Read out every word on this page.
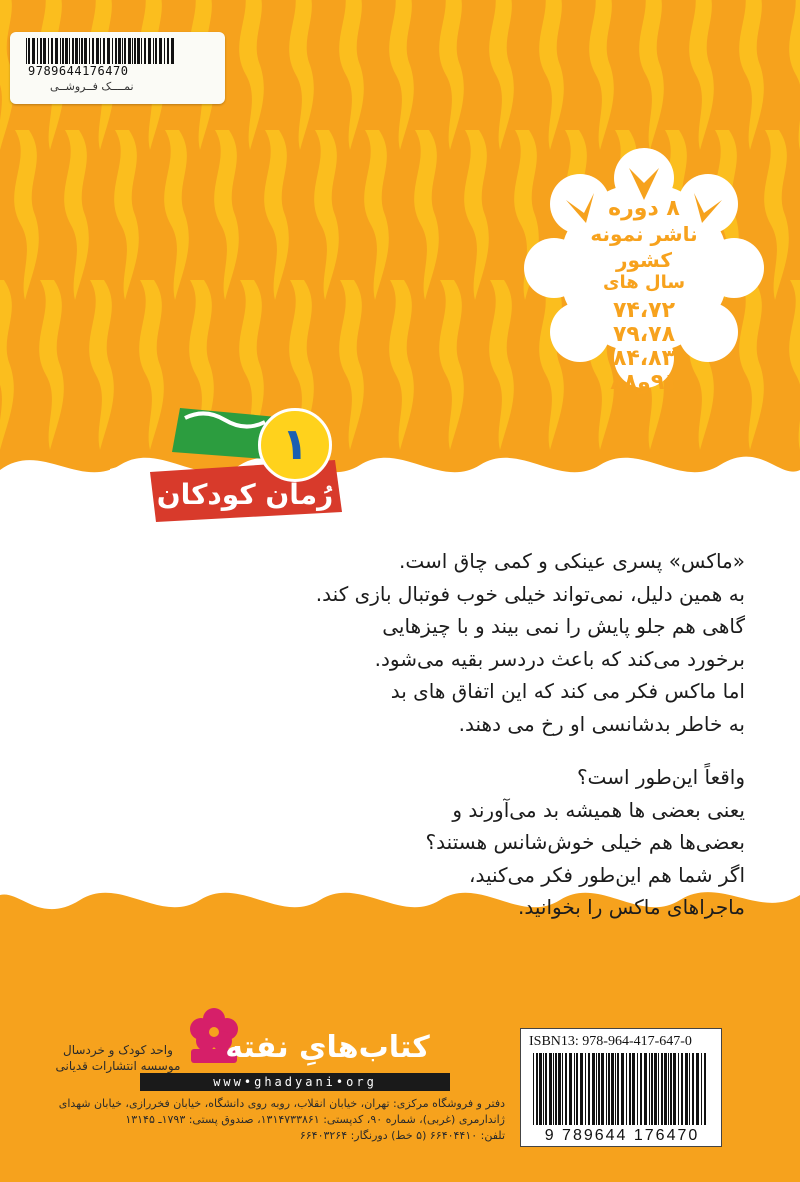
9789644176470
نمــــک فــروشــی
۸ دوره
ناشر نمونه
کشور
سال های
۷۴،۷۲
۷۹،۷۸
۸۴،۸۳
۹۱و۸۸
۱
رُمان کودکان

«ماکس» پسری عینکی و کمی چاق است.

به همین دلیل، نمی‌تواند خیلی خوب فوتبال بازی کند.

گاهی هم جلو پایش را نمی بیند و با چیزهایی

برخورد می‌کند که باعث دردسر بقیه می‌شود.

اما ماکس فکر می کند که این اتفاق های بد

به خاطر بدشانسی او رخ می دهند.

واقعاً این‌طور است؟

یعنی بعضی ها همیشه بد می‌آورند و

بعضی‌ها هم خیلی خوش‌شانس هستند؟

اگر شما هم این‌طور فکر می‌کنید،

ماجراهای ماکس را بخوانید.

کتاب‌هایِ نفته
واحد کودک و خردسال
موسسه انتشارات قدیانی
www•ghadyani•org
دفتر و فروشگاه مرکزی: تهران، خیابان انقلاب، روبه روی دانشگاه، خیابان فخررازی، خیابان شهدای
ژاندارمری (غربی)، شماره ۹۰، کدپستی: ۱۳۱۴۷۳۳۸۶۱، صندوق پستی: ۱۷۹۳ـ ۱۳۱۴۵
تلفن: ۶۶۴۰۴۴۱۰ (۵ خط) دورنگار: ۶۶۴۰۳۲۶۴
ISBN13: 978-964-417-647-0
9 789644 176470
